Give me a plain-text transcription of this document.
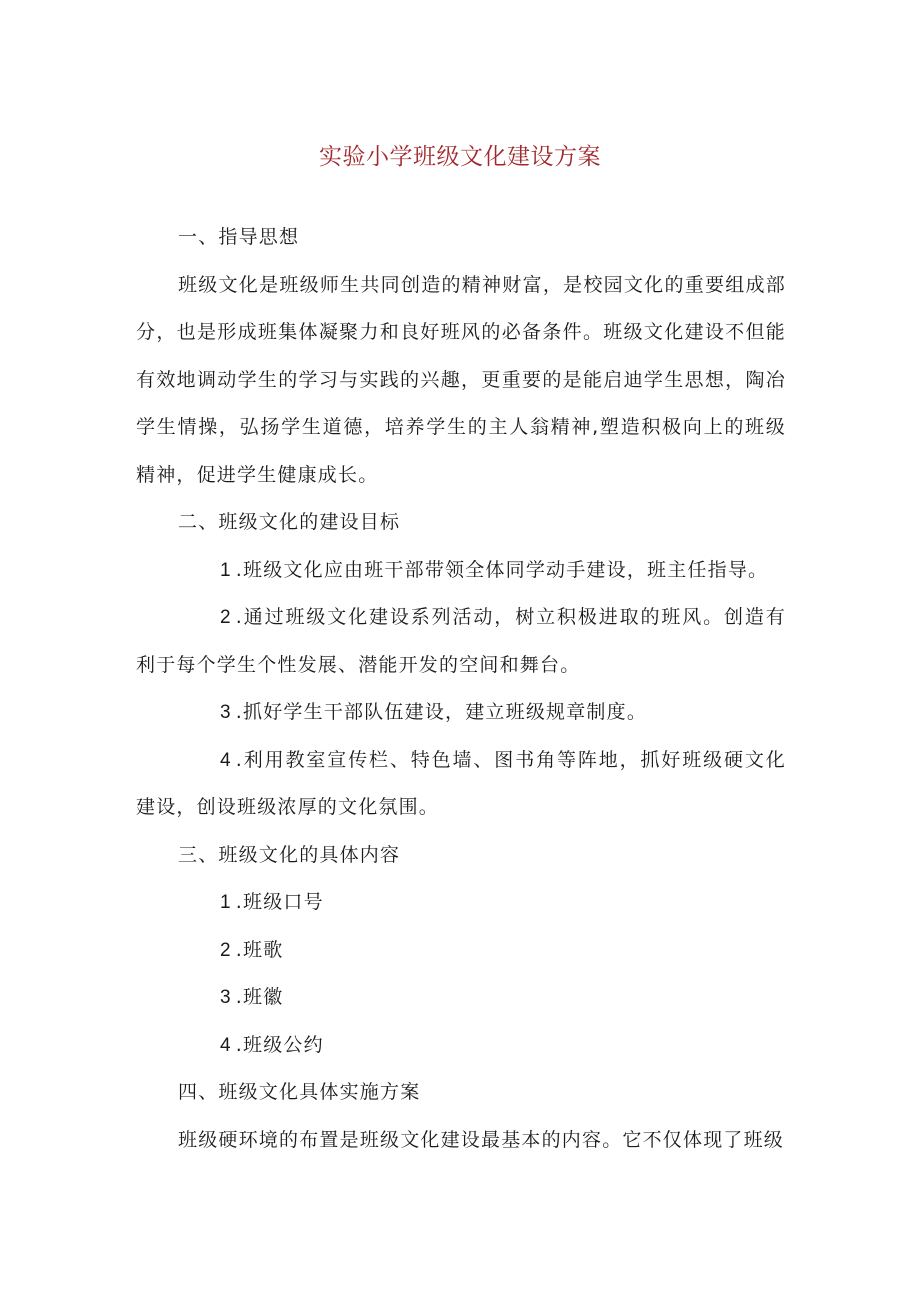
实验小学班级文化建设方案

一、指导思想

班级文化是班级师生共同创造的精神财富，是校园文化的重要组成部分，也是形成班集体凝聚力和良好班风的必备条件。班级文化建设不但能有效地调动学生的学习与实践的兴趣，更重要的是能启迪学生思想，陶冶学生情操，弘扬学生道德，培养学生的主人翁精神,塑造积极向上的班级精神，促进学生健康成长。

二、班级文化的建设目标

1 .班级文化应由班干部带领全体同学动手建设，班主任指导。

2 .通过班级文化建设系列活动，树立积极进取的班风。创造有利于每个学生个性发展、潜能开发的空间和舞台。

3 .抓好学生干部队伍建设，建立班级规章制度。

4 .利用教室宣传栏、特色墙、图书角等阵地，抓好班级硬文化建设，创设班级浓厚的文化氛围。

三、班级文化的具体内容

1 .班级口号

2 .班歌

3 .班徽

4 .班级公约

四、班级文化具体实施方案

班级硬环境的布置是班级文化建设最基本的内容。它不仅体现了班级
